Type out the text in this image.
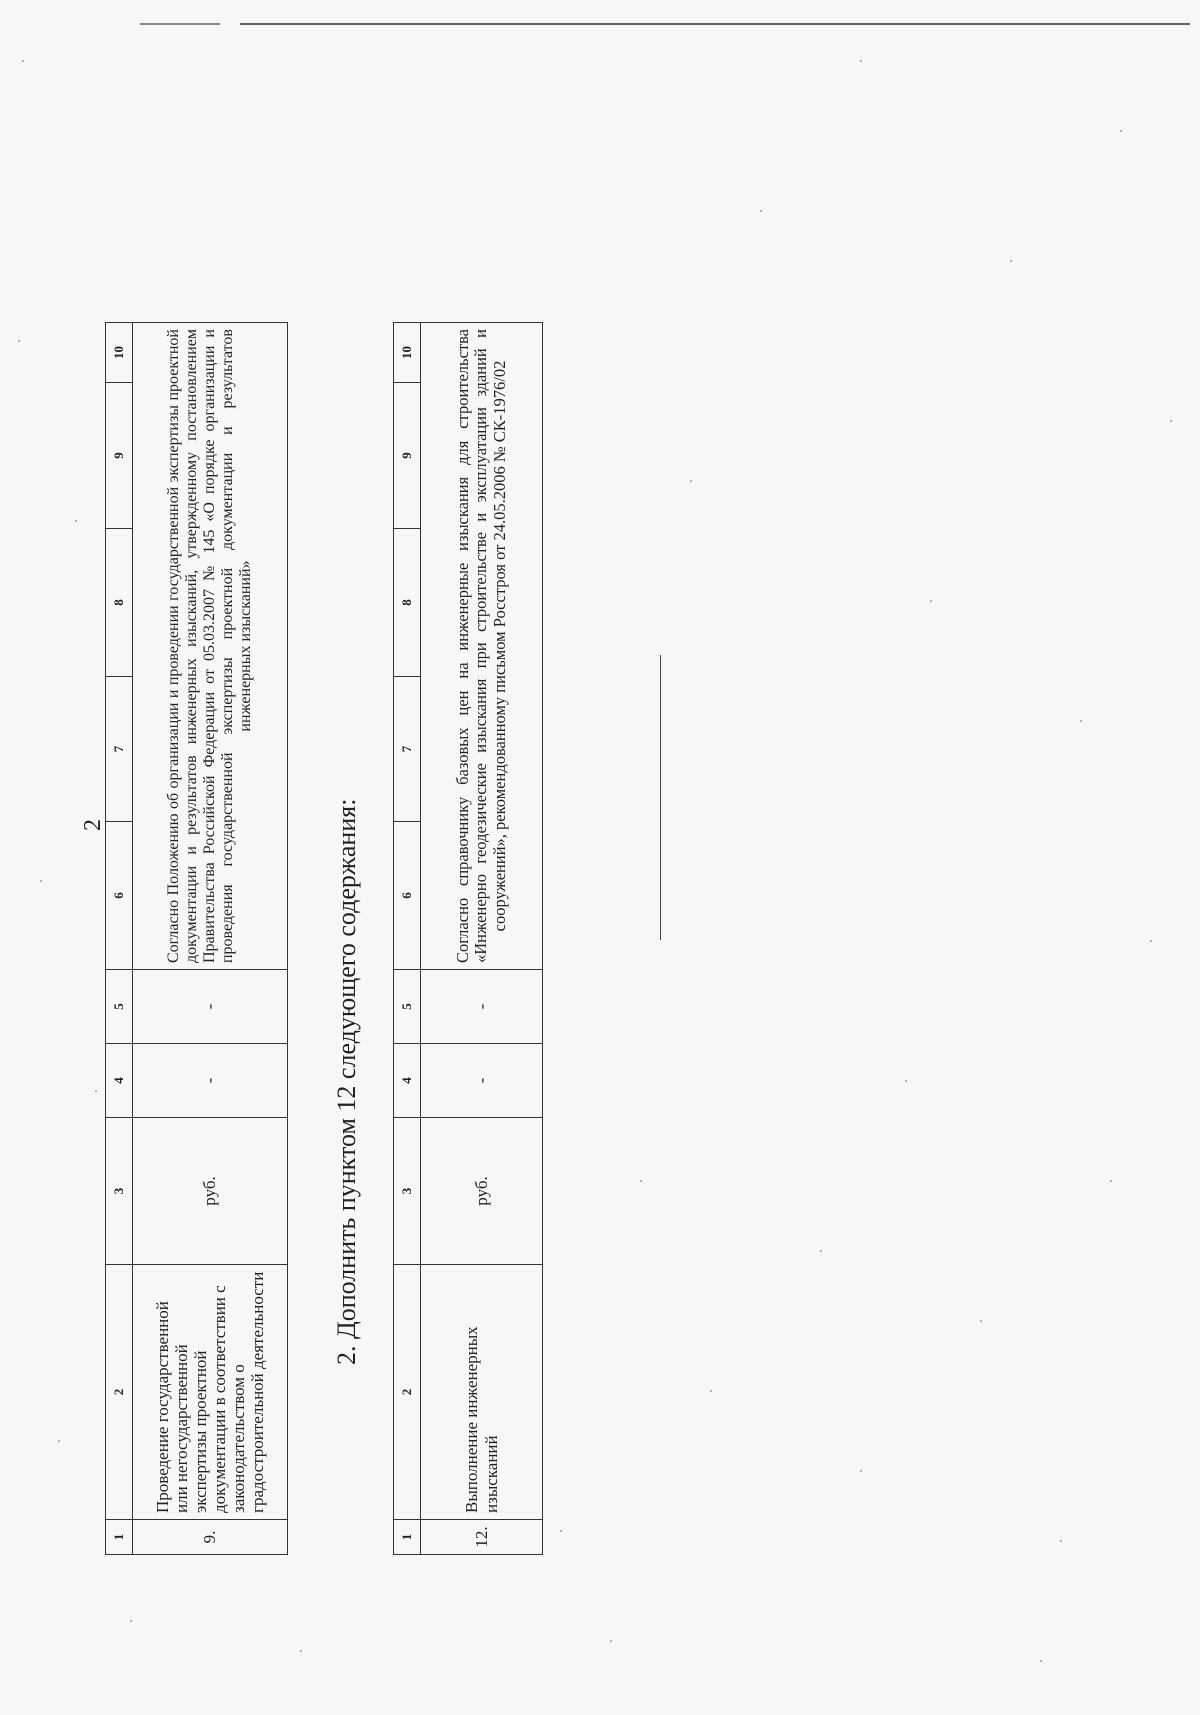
2
1	2	3	4	5	6	7	8	9	10
9.	Проведение государственной или негосударственной экспертизы проектной документации в соответствии с законодательством о градостроительной деятельности	руб.	-	-	Согласно Положению об организации и проведении государственной экспертизы проектной документации и результатов инженерных изысканий, утвержденному постановлением Правительства Российской Федерации от 05.03.2007 № 145 «О порядке организации и проведения государственной экспертизы проектной документации и результатов инженерных изысканий»				
2. Дополнить пунктом 12 следующего содержания:
1	2	3	4	5	6	7	8	9	10
12.	Выполнение инженерных изысканий	руб.	-	-	Согласно справочнику базовых цен на инженерные изыскания для строительства «Инженерно геодезические изыскания при строительстве и эксплуатации зданий и сооружений», рекомендованному письмом Росстроя от 24.05.2006 № СК-1976/02				
